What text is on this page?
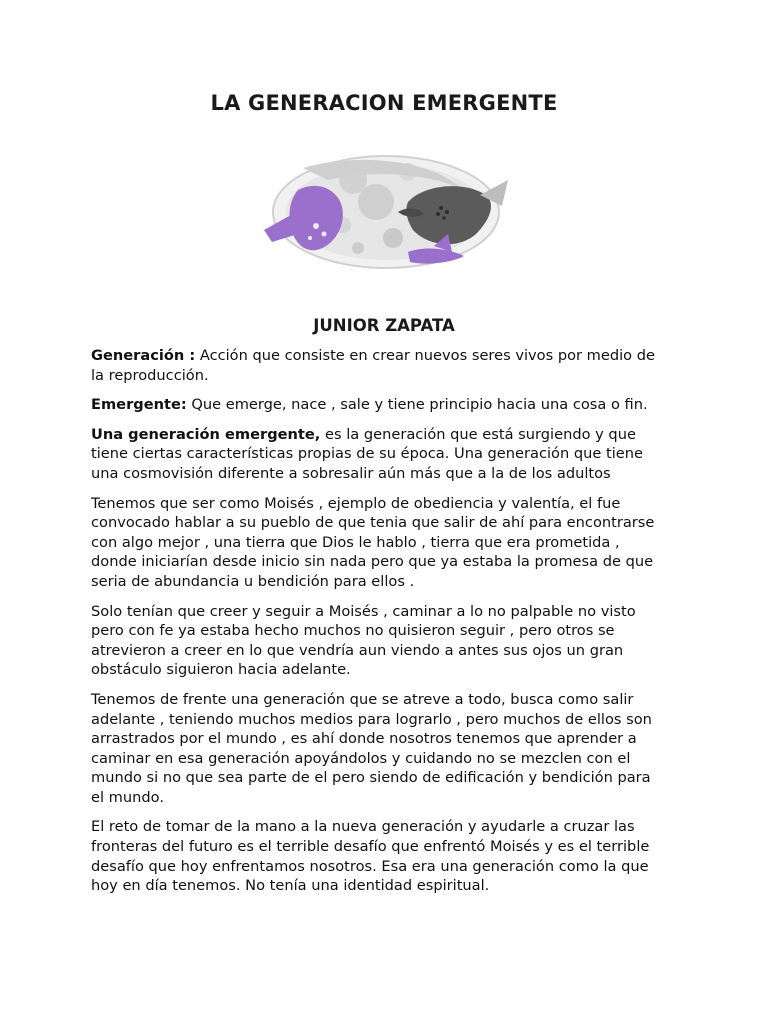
LA GENERACION EMERGENTE
JUNIOR ZAPATA

Generación : Acción que consiste en crear nuevos seres vivos por medio de
la reproducción.

Emergente: Que emerge, nace , sale y tiene principio hacia una cosa o fin.

Una generación emergente, es la generación que está surgiendo y que
tiene ciertas características propias de su época. Una generación que tiene
una cosmovisión diferente a sobresalir aún más que a la de los adultos

Tenemos que ser como Moisés , ejemplo de obediencia y valentía, el fue
convocado hablar a su pueblo de que tenia que salir de ahí para encontrarse
con algo mejor , una tierra que Dios le hablo , tierra que era prometida ,
donde iniciarían desde inicio sin nada pero que ya estaba la promesa de que
seria de abundancia u bendición para ellos .

Solo tenían que creer y seguir a Moisés , caminar a lo no palpable no visto
pero con fe ya estaba hecho muchos no quisieron seguir , pero otros se
atrevieron a creer en lo que vendría aun viendo a antes sus ojos un gran
obstáculo siguieron hacia adelante.

Tenemos de frente una generación que se atreve a todo, busca como salir
adelante , teniendo muchos medios para lograrlo , pero muchos de ellos son
arrastrados por el mundo , es ahí donde nosotros tenemos que aprender a
caminar en esa generación apoyándolos y cuidando no se mezclen con el
mundo si no que sea parte de el pero siendo de edificación y bendición para
el mundo.

El reto de tomar de la mano a la nueva generación y ayudarle a cruzar las
fronteras del futuro es el terrible desafío que enfrentó Moisés y es el terrible
desafío que hoy enfrentamos nosotros. Esa era una generación como la que
hoy en día tenemos. No tenía una identidad espiritual.
